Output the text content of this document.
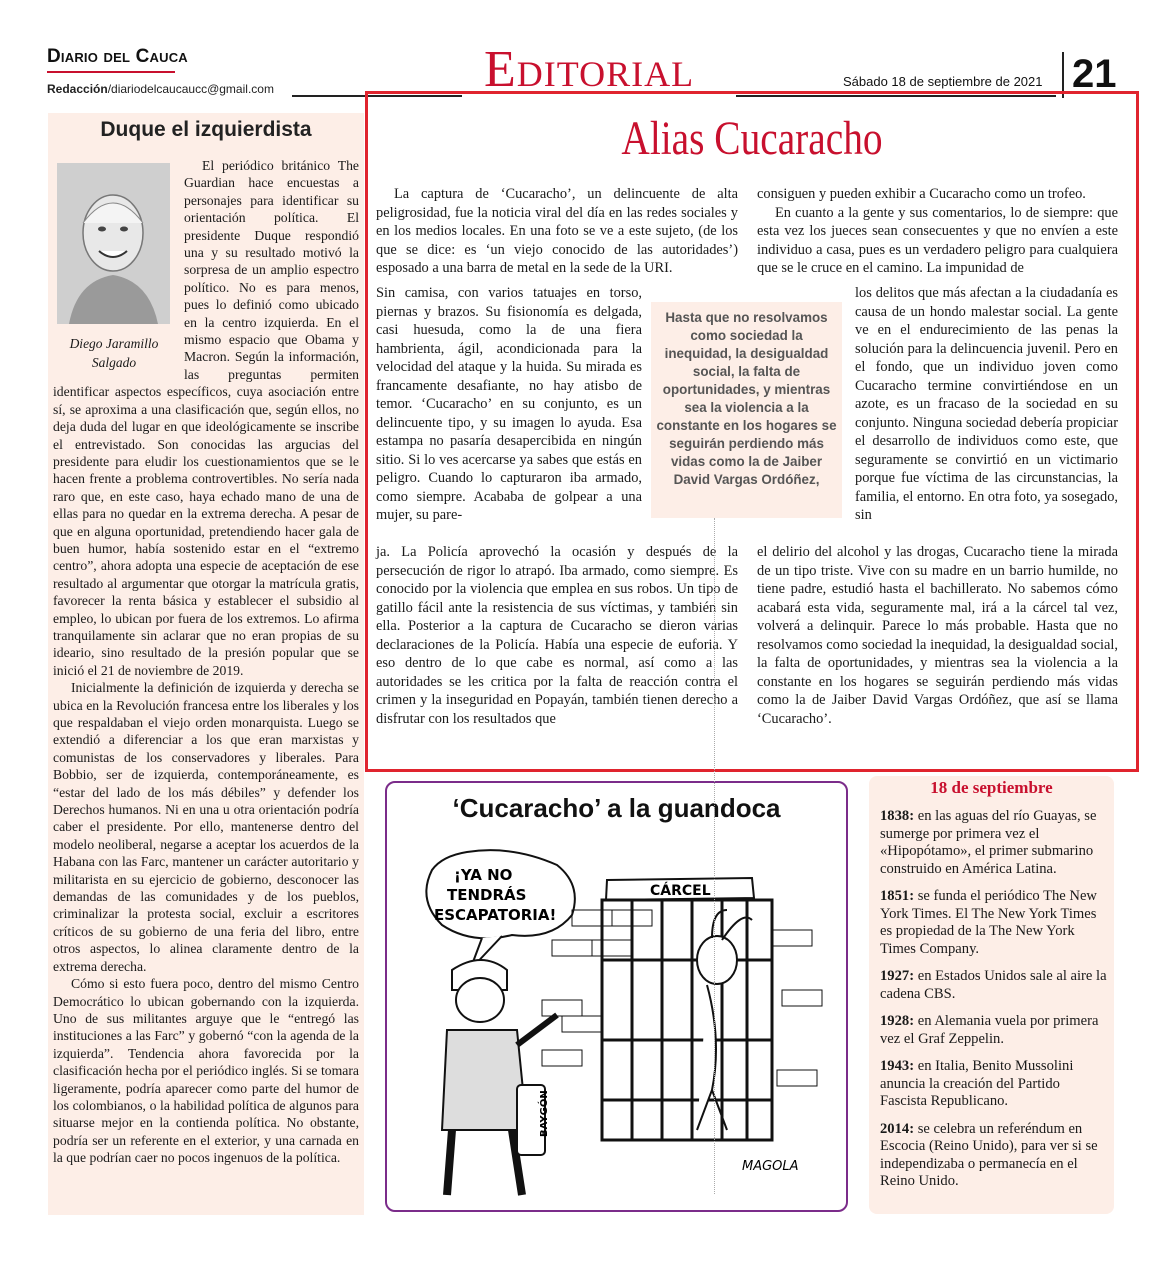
Diario del Cauca
Redacción/diariodelcaucaucc@gmail.com	Editorial	Sábado 18 de septiembre de 2021 21
Duque el izquierdista
Diego Jaramillo
Salgado

El periódico británico The Guardian hace encuestas a personajes para identificar su orientación política. El presidente Duque respondió una y su resultado motivó la sorpresa de un amplio espectro político. No es para menos, pues lo definió como ubicado en la centro izquierda. En el mismo espacio que Obama y Macron. Según la información, las preguntas permiten

identificar aspectos específicos, cuya asociación entre sí, se aproxima a una clasificación que, según ellos, no deja duda del lugar en que ideológicamente se inscribe el entrevistado. Son conocidas las argucias del presidente para eludir los cuestionamientos que se le hacen frente a problema controvertibles. No sería nada raro que, en este caso, haya echado mano de una de ellas para no quedar en la extrema derecha. A pesar de que en alguna oportunidad, pretendiendo hacer gala de buen humor, había sostenido estar en el “extremo centro”, ahora adopta una especie de aceptación de ese resultado al argumentar que otorgar la matrícula gratis, favorecer la renta básica y establecer el subsidio al empleo, lo ubican por fuera de los extremos. Lo afirma tranquilamente sin aclarar que no eran propias de su ideario, sino resultado de la presión popular que se inició el 21 de noviembre de 2019.

Inicialmente la definición de izquierda y derecha se ubica en la Revolución francesa entre los liberales y los que respaldaban el viejo orden monarquista. Luego se extendió a diferenciar a los que eran marxistas y comunistas de los conservadores y liberales. Para Bobbio, ser de izquierda, contemporáneamente, es “estar del lado de los más débiles” y defender los Derechos humanos. Ni en una u otra orientación podría caber el presidente. Por ello, mantenerse dentro del modelo neoliberal, negarse a aceptar los acuerdos de la Habana con las Farc, mantener un carácter autoritario y militarista en su ejercicio de gobierno, desconocer las demandas de las comunidades y de los pueblos, criminalizar la protesta social, excluir a escritores críticos de su gobierno de una feria del libro, entre otros aspectos, lo alinea claramente dentro de la extrema derecha.

Cómo si esto fuera poco, dentro del mismo Centro Democrático lo ubican gobernando con la izquierda. Uno de sus militantes arguye que le “entregó las instituciones a las Farc” y gobernó “con la agenda de la izquierda”. Tendencia ahora favorecida por la clasificación hecha por el periódico inglés. Si se tomara ligeramente, podría aparecer como parte del humor de los colombianos, o la habilidad política de algunos para situarse mejor en la contienda política. No obstante, podría ser un referente en el exterior, y una carnada en la que podrían caer no pocos ingenuos de la política.

Alias Cucaracho

La captura de ‘Cucaracho’, un delincuente de alta peligrosidad, fue la noticia viral del día en las redes sociales y en los medios locales. En una foto se ve a este sujeto, (de los que se dice: es ‘un viejo conocido de las autoridades’) esposado a una barra de metal en la sede de la URI.

Sin camisa, con varios tatuajes en torso, piernas y brazos. Su fisionomía es delgada, casi huesuda, como la de una fiera hambrienta, ágil, acondicionada para la velocidad del ataque y la huida. Su mirada es francamente desafiante, no hay atisbo de temor. ‘Cucaracho’ en su conjunto, es un delincuente tipo, y su imagen lo ayuda. Esa estampa no pasaría desapercibida en ningún sitio. Si lo ves acercarse ya sabes que estás en peligro. Cuando lo capturaron iba armado, como siempre. Acababa de golpear a una mujer, su pare-

ja. La Policía aprovechó la ocasión y después de la persecución de rigor lo atrapó. Iba armado, como siempre. Es conocido por la violencia que emplea en sus robos. Un tipo de gatillo fácil ante la resistencia de sus víctimas, y también sin ella. Posterior a la captura de Cucaracho se dieron varias declaraciones de la Policía. Había una especie de euforia. Y eso dentro de lo que cabe es normal, así como a las autoridades se les critica por la falta de reacción contra el crimen y la inseguridad en Popayán, también tienen derecho a disfrutar con los resultados que

consiguen y pueden exhibir a Cucaracho como un trofeo.

En cuanto a la gente y sus comentarios, lo de siempre: que esta vez los jueces sean consecuentes y que no envíen a este individuo a casa, pues es un verdadero peligro para cualquiera que se le cruce en el camino. La impunidad de

los delitos que más afectan a la ciudadanía es causa de un hondo malestar social. La gente ve en el endurecimiento de las penas la solución para la delincuencia juvenil. Pero en el fondo, que un individuo joven como Cucaracho termine convirtiéndose en un azote, es un fracaso de la sociedad en su conjunto. Ninguna sociedad debería propiciar el desarrollo de individuos como este, que seguramente se convirtió en un victimario porque fue víctima de las circunstancias, la familia, el entorno. En otra foto, ya sosegado, sin

el delirio del alcohol y las drogas, Cucaracho tiene la mirada de un tipo triste. Vive con su madre en un barrio humilde, no tiene padre, estudió hasta el bachillerato. No sabemos cómo acabará esta vida, seguramente mal, irá a la cárcel tal vez, volverá a delinquir. Parece lo más probable. Hasta que no resolvamos como sociedad la inequidad, la desigualdad social, la falta de oportunidades, y mientras sea la violencia a la constante en los hogares se seguirán perdiendo más vidas como la de Jaiber David Vargas Ordóñez, que así se llama ‘Cucaracho’.

Hasta que no resolvamos como sociedad la inequidad, la desigualdad social, la falta de oportunidades, y mientras sea la violencia a la constante en los hogares se seguirán perdiendo más vidas como la de Jaiber David Vargas Ordóñez,
‘Cucaracho’ a la guandoca
¡YA NO
TENDRÁS
ESCAPATORIA!
CÁRCEL
BAYGÓN
MAGOLA
18 de septiembre

1838: en las aguas del río Guayas, se sumerge por primera vez el «Hipopótamo», el primer submarino construido en América Latina.

1851: se funda el periódico The New York Times. El The New York Times es propiedad de la The New York Times Company.

1927: en Estados Unidos sale al aire la cadena CBS.

1928: en Alemania vuela por primera vez el Graf Zeppelin.

1943: en Italia, Benito Mussolini anuncia la creación del Partido Fascista Republicano.

2014: se celebra un referéndum en Escocia (Reino Unido), para ver si se independizaba o permanecía en el Reino Unido.
